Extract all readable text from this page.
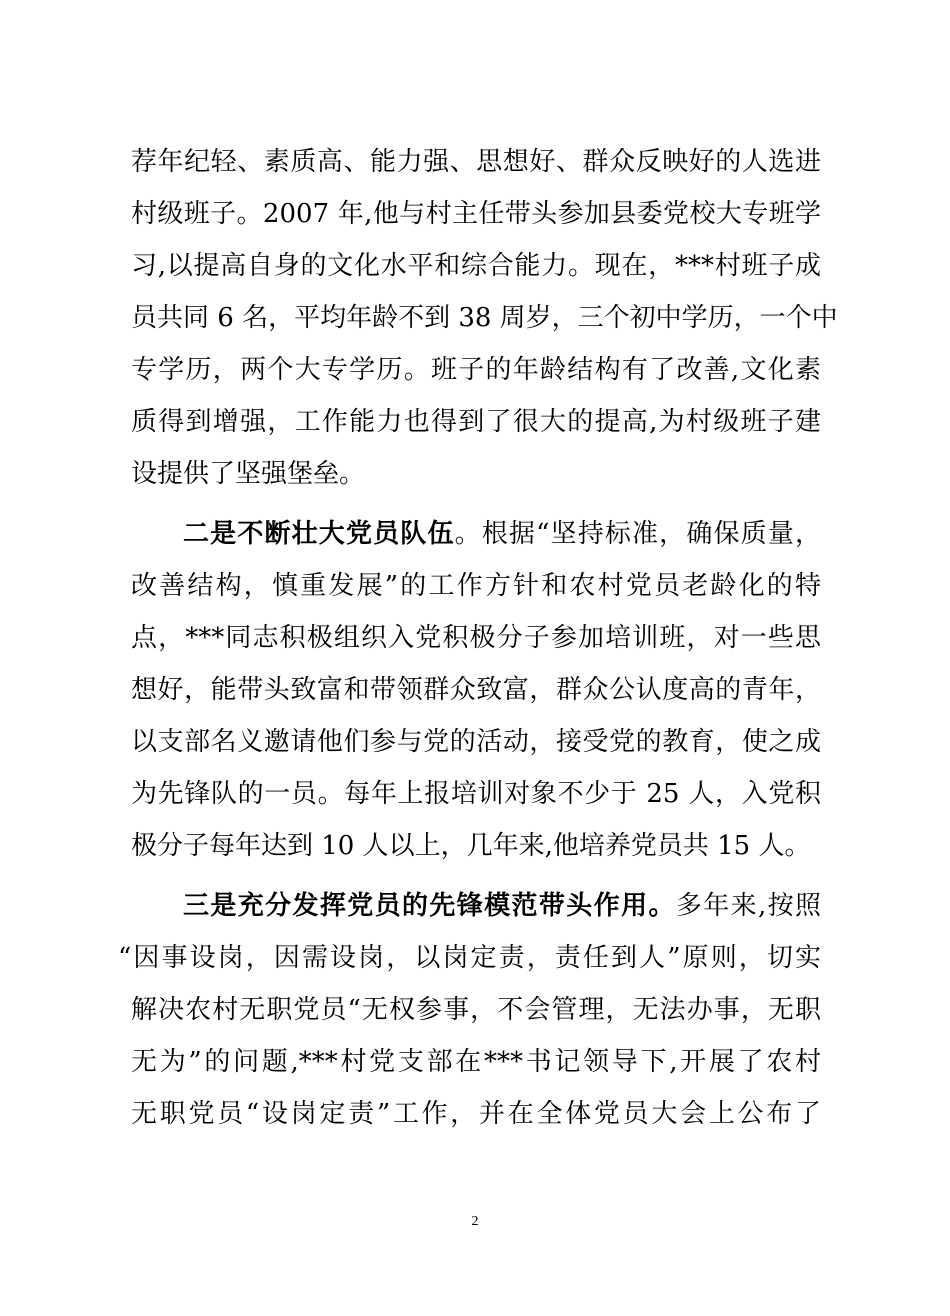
荐年纪轻、素质高、能力强、思想好、群众反映好的人选进
村级班子。2007 年,他与村主任带头参加县委党校大专班学
习,以提高自身的文化水平和综合能力。现在，***村班子成
员共同 6 名，平均年龄不到 38 周岁，三个初中学历，一个中
专学历，两个大专学历。班子的年龄结构有了改善,文化素
质得到增强，工作能力也得到了很大的提高,为村级班子建
设提供了坚强堡垒。
二是不断壮大党员队伍。根据“坚持标准，确保质量，
改善结构，慎重发展”的工作方针和农村党员老龄化的特
点，***同志积极组织入党积极分子参加培训班，对一些思
想好，能带头致富和带领群众致富，群众公认度高的青年，
以支部名义邀请他们参与党的活动，接受党的教育，使之成
为先锋队的一员。每年上报培训对象不少于 25 人，入党积
极分子每年达到 10 人以上，几年来,他培养党员共 15 人。
三是充分发挥党员的先锋模范带头作用。多年来,按照
“因事设岗，因需设岗，以岗定责，责任到人”原则，切实
解决农村无职党员“无权参事，不会管理，无法办事，无职
无为”的问题,***村党支部在***书记领导下,开展了农村
无职党员“设岗定责”工作，并在全体党员大会上公布了
2
